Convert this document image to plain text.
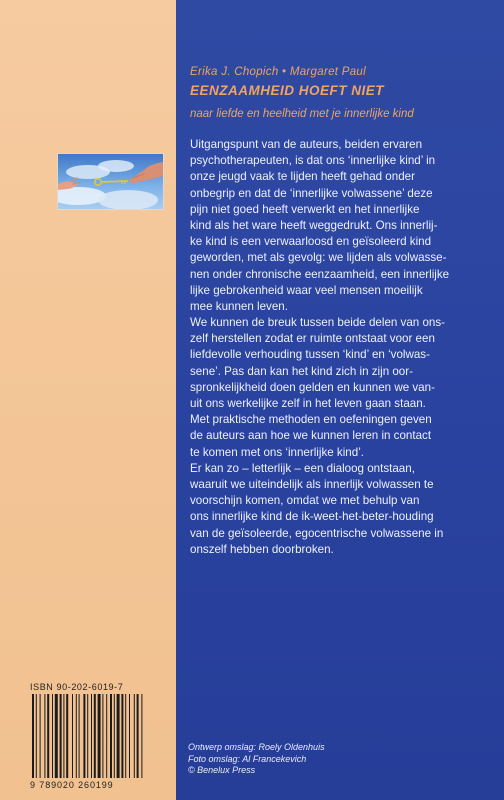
Erika J. Chopich • Margaret Paul
EENZAAMHEID HOEFT NIET
naar liefde en heelheid met je innerlijke kind
Uitgangspunt van de auteurs, beiden ervaren
psychotherapeuten, is dat ons ‘innerlijke kind’ in
onze jeugd vaak te lijden heeft gehad onder
onbegrip en dat de ‘innerlijke volwassene’ deze
pijn niet goed heeft verwerkt en het innerlijke
kind als het ware heeft weggedrukt. Ons innerlij-
ke kind is een verwaarloosd en geïsoleerd kind
geworden, met als gevolg: we lijden als volwasse-
nen onder chronische eenzaamheid, een innerlijke
lijke gebrokenheid waar veel mensen moeilijk
mee kunnen leven.
We kunnen de breuk tussen beide delen van ons-
zelf herstellen zodat er ruimte ontstaat voor een
liefdevolle verhouding tussen ‘kind’ en ‘volwas-
sene’. Pas dan kan het kind zich in zijn oor-
spronkelijkheid doen gelden en kunnen we van-
uit ons werkelijke zelf in het leven gaan staan.
Met praktische methoden en oefeningen geven
de auteurs aan hoe we kunnen leren in contact
te komen met ons ‘innerlijke kind’.
Er kan zo – letterlijk – een dialoog ontstaan,
waaruit we uiteindelijk als innerlijk volwassen te
voorschijn komen, omdat we met behulp van
ons innerlijke kind de ik-weet-het-beter-houding
van de geïsoleerde, egocentrische volwassene in
onszelf hebben doorbroken.
ISBN 90-202-6019-7
9 789020 260199
Ontwerp omslag: Roely Oldenhuis
Foto omslag: Al Francekevich
© Benelux Press
